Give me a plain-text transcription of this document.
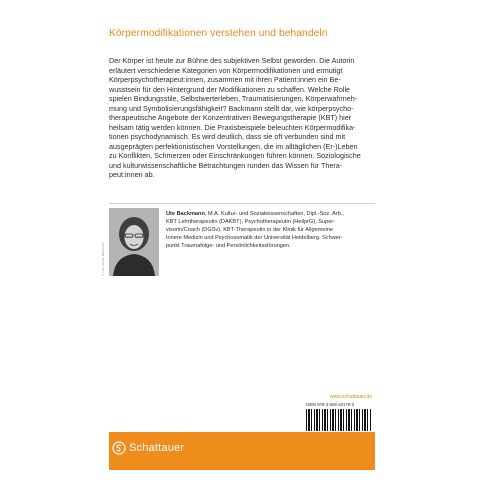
Körpermodifikationen verstehen und behandeln
Der Körper ist heute zur Bühne des subjektiven Selbst geworden. Die Autorin
erläutert verschiedene Kategorien von Körpermodifikationen und ermutigt
Körperpsychotherapeut:innen, zusammen mit ihren Patient:innen ein Be-
wusstsein für den Hintergrund der Modifikationen zu schaffen. Welche Rolle
spielen Bindungsstile, Selbstwerterleben, Traumatisierungen, Körperwahrneh-
mung und Symbolisierungsfähigkeit? Backmann stellt dar, wie körperpsycho-
therapeutische Angebote der Konzentrativen Bewegungstherapie (KBT) hier
heilsam tätig werden können. Die Praxisbeispiele beleuchten Körpermodifika-
tionen psychodynamisch. Es wird deutlich, dass sie oft verbunden sind mit
ausgeprägten perfektionistischen Vorstellungen, die im alltäglichen (Er-)Leben
zu Konflikten, Schmerzen oder Einschränkungen führen können. Soziologische
und kulturwissenschaftliche Betrachtungen runden das Wissen für Thera-
peut:innen ab.
© Lina Sophie Backmann
Ute Backmann, M.A. Kultur- und Sozialwissenschaften, Dipl.-Soz. Arb.,
KBT Lehrtherapeutin (DAKBT), Psychotherapeutin (HeilprG), Super-
visorin/Coach (DGSv). KBT-Therapeutin in der Klinik für Allgemeine
Innere Medizin und Psychosomatik der Universität Heidelberg. Schwer-
punkt Traumafolge- und Persönlichkeitsstörungen.
www.schattauer.de
ISBN 978-3-608-40178-3
Schattauer
